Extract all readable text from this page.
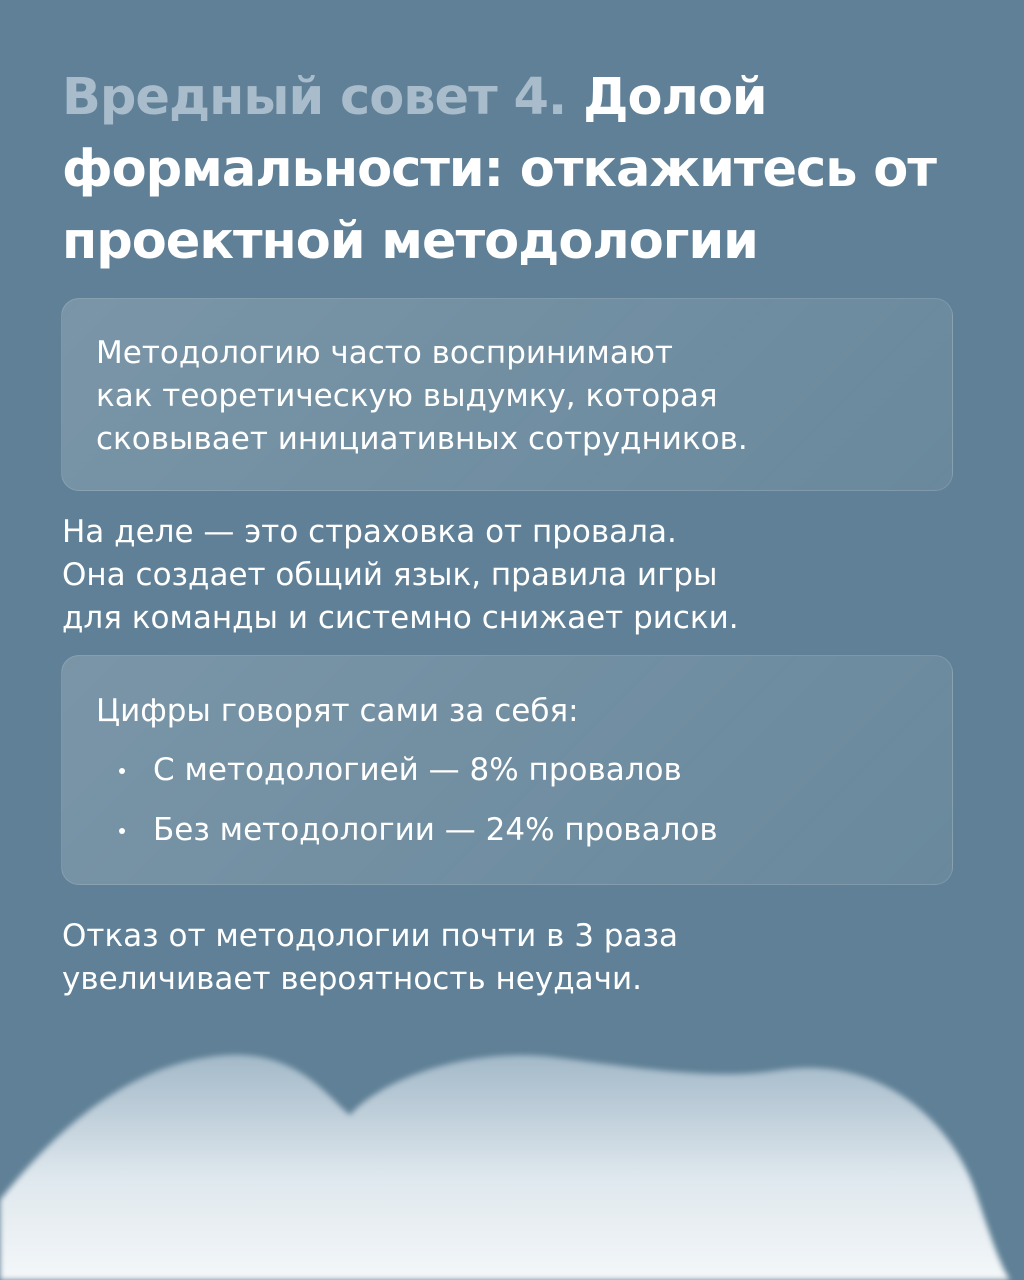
Вредный совет 4. Долой формальности: откажитесь от проектной методологии

Методологию часто воспринимают
как теоретическую выдумку, которая
сковывает инициативных сотрудников.

На деле — это страховка от провала.
Она создает общий язык, правила игры
для команды и системно снижает риски.

Цифры говорят сами за себя:

С методологией — 8% провалов
Без методологии — 24% провалов

Отказ от методологии почти в 3 раза
увеличивает вероятность неудачи.
